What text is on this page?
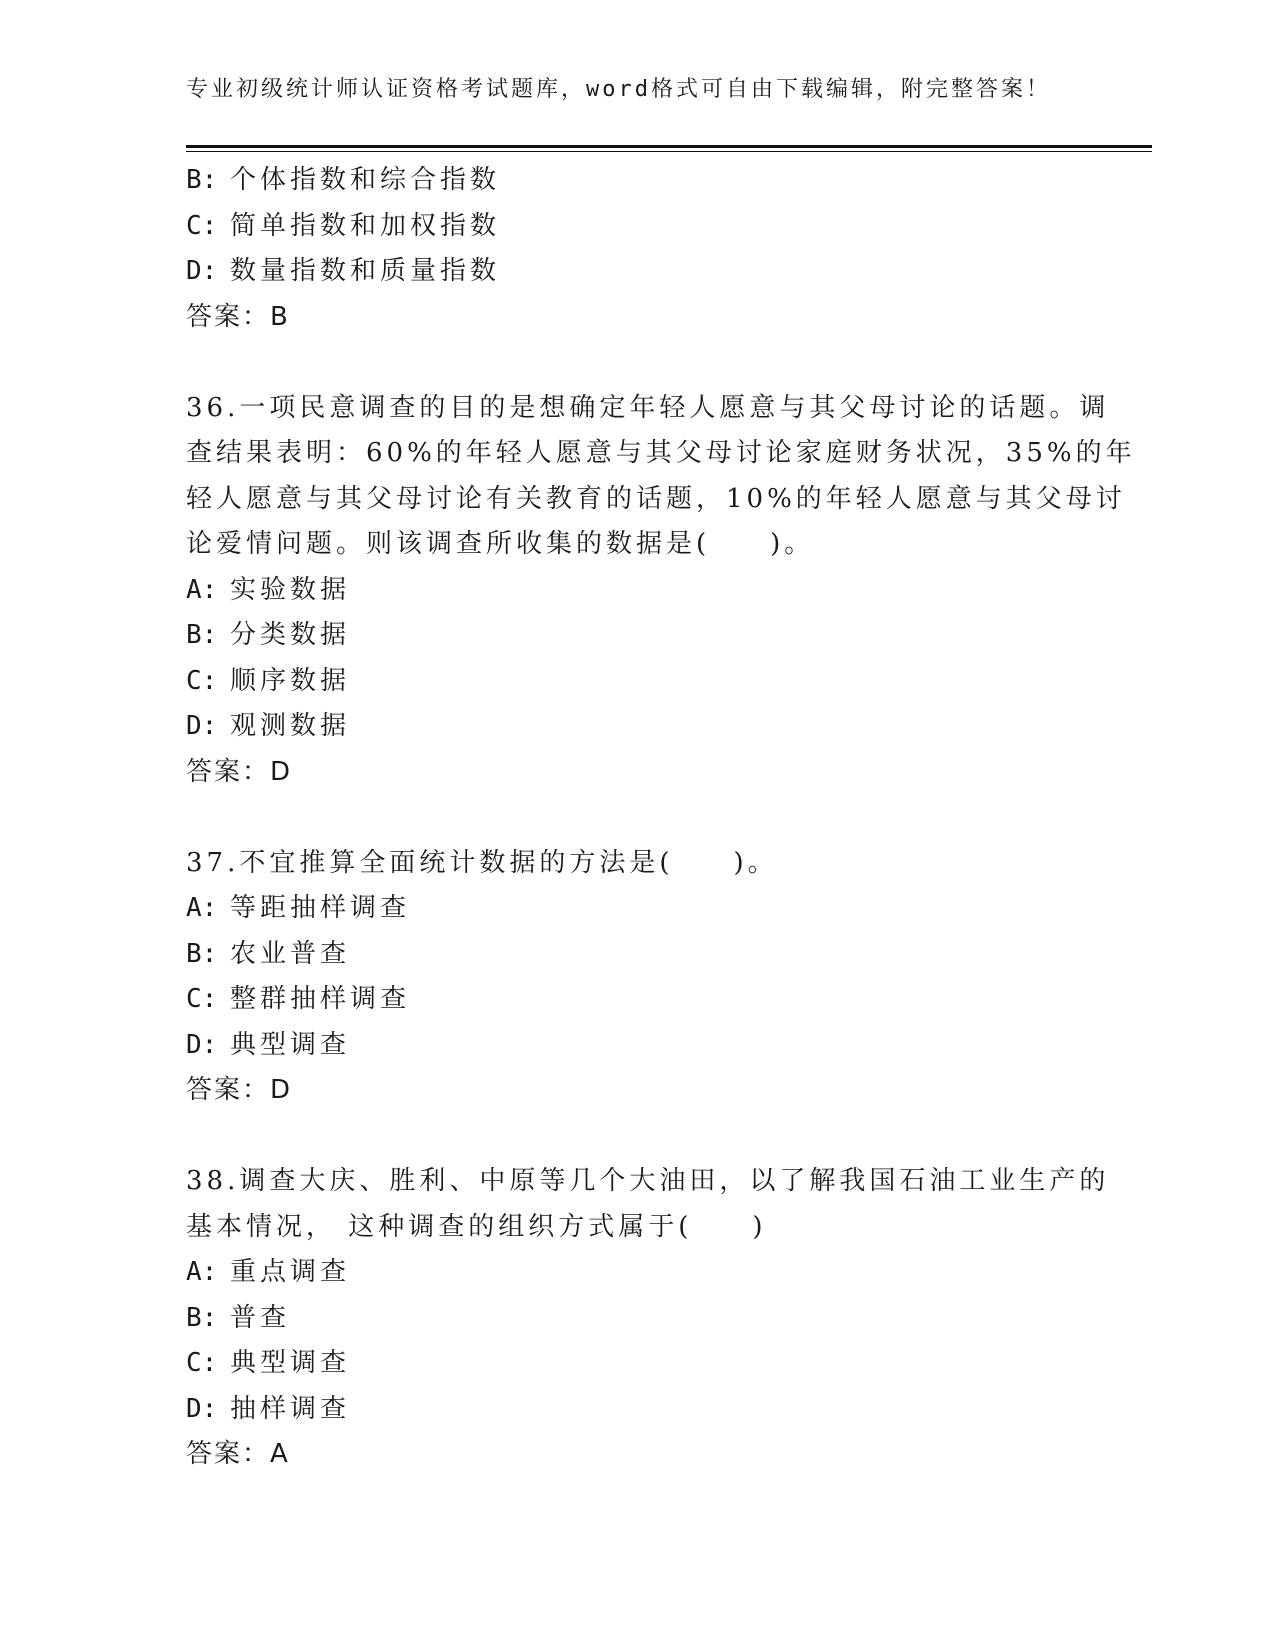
专业初级统计师认证资格考试题库，word格式可自由下载编辑，附完整答案！
B: 个体指数和综合指数
C: 简单指数和加权指数
D: 数量指数和质量指数
答案：B
36.一项民意调查的目的是想确定年轻人愿意与其父母讨论的话题。调
查结果表明：60%的年轻人愿意与其父母讨论家庭财务状况，35%的年
轻人愿意与其父母讨论有关教育的话题，10%的年轻人愿意与其父母讨
论爱情问题。则该调查所收集的数据是(　　)。
A: 实验数据
B: 分类数据
C: 顺序数据
D: 观测数据
答案：D
37.不宜推算全面统计数据的方法是(　　)。
A: 等距抽样调查
B: 农业普查
C: 整群抽样调查
D: 典型调查
答案：D
38.调查大庆、胜利、中原等几个大油田，以了解我国石油工业生产的
基本情况， 这种调查的组织方式属于(　　)
A: 重点调查
B: 普查
C: 典型调查
D: 抽样调查
答案：A
